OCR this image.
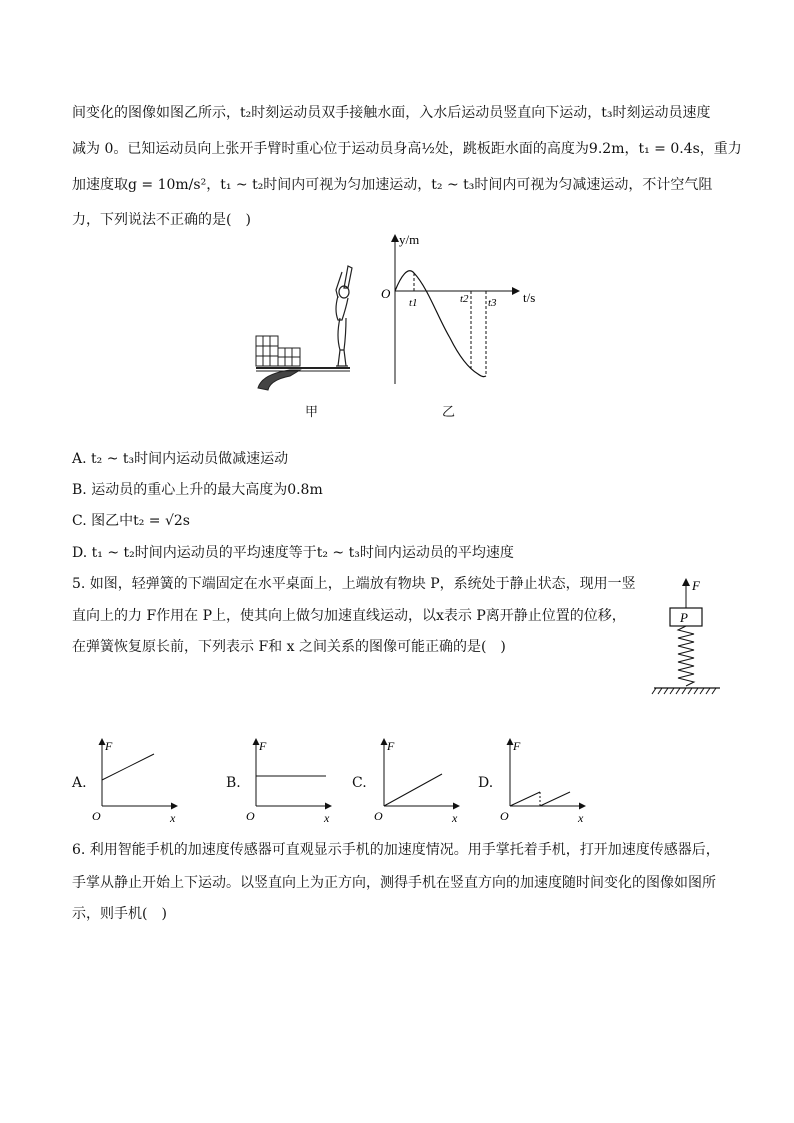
间变化的图像如图乙所示，t₂时刻运动员双手接触水面，入水后运动员竖直向下运动，t₃时刻运动员速度
减为 0。已知运动员向上张开手臂时重心位于运动员身高½处，跳板距水面的高度为9.2m，t₁ = 0.4s，重力
加速度取g = 10m/s²，t₁ ~ t₂时间内可视为匀加速运动，t₂ ~ t₃时间内可视为匀减速运动，不计空气阻
力，下列说法不正确的是(　)
甲
y/m
t/s
O
t1	t2 t3
乙
A. t₂ ~ t₃时间内运动员做减速运动
B. 运动员的重心上升的最大高度为0.8m
C. 图乙中t₂ = √2s
D. t₁ ~ t₂时间内运动员的平均速度等于t₂ ~ t₃时间内运动员的平均速度
5. 如图，轻弹簧的下端固定在水平桌面上，上端放有物块 P，系统处于静止状态，现用一竖
直向上的力 F作用在 P上，使其向上做匀加速直线运动，以x表示 P离开静止位置的位移，
在弹簧恢复原长前，下列表示 F和 x 之间关系的图像可能正确的是(　)
F
P
A.
F
x
O
B.
F
x
O
C.
F
x
O
D.
F
x
O
6. 利用智能手机的加速度传感器可直观显示手机的加速度情况。用手掌托着手机，打开加速度传感器后，
手掌从静止开始上下运动。以竖直向上为正方向，测得手机在竖直方向的加速度随时间变化的图像如图所
示，则手机(　)
